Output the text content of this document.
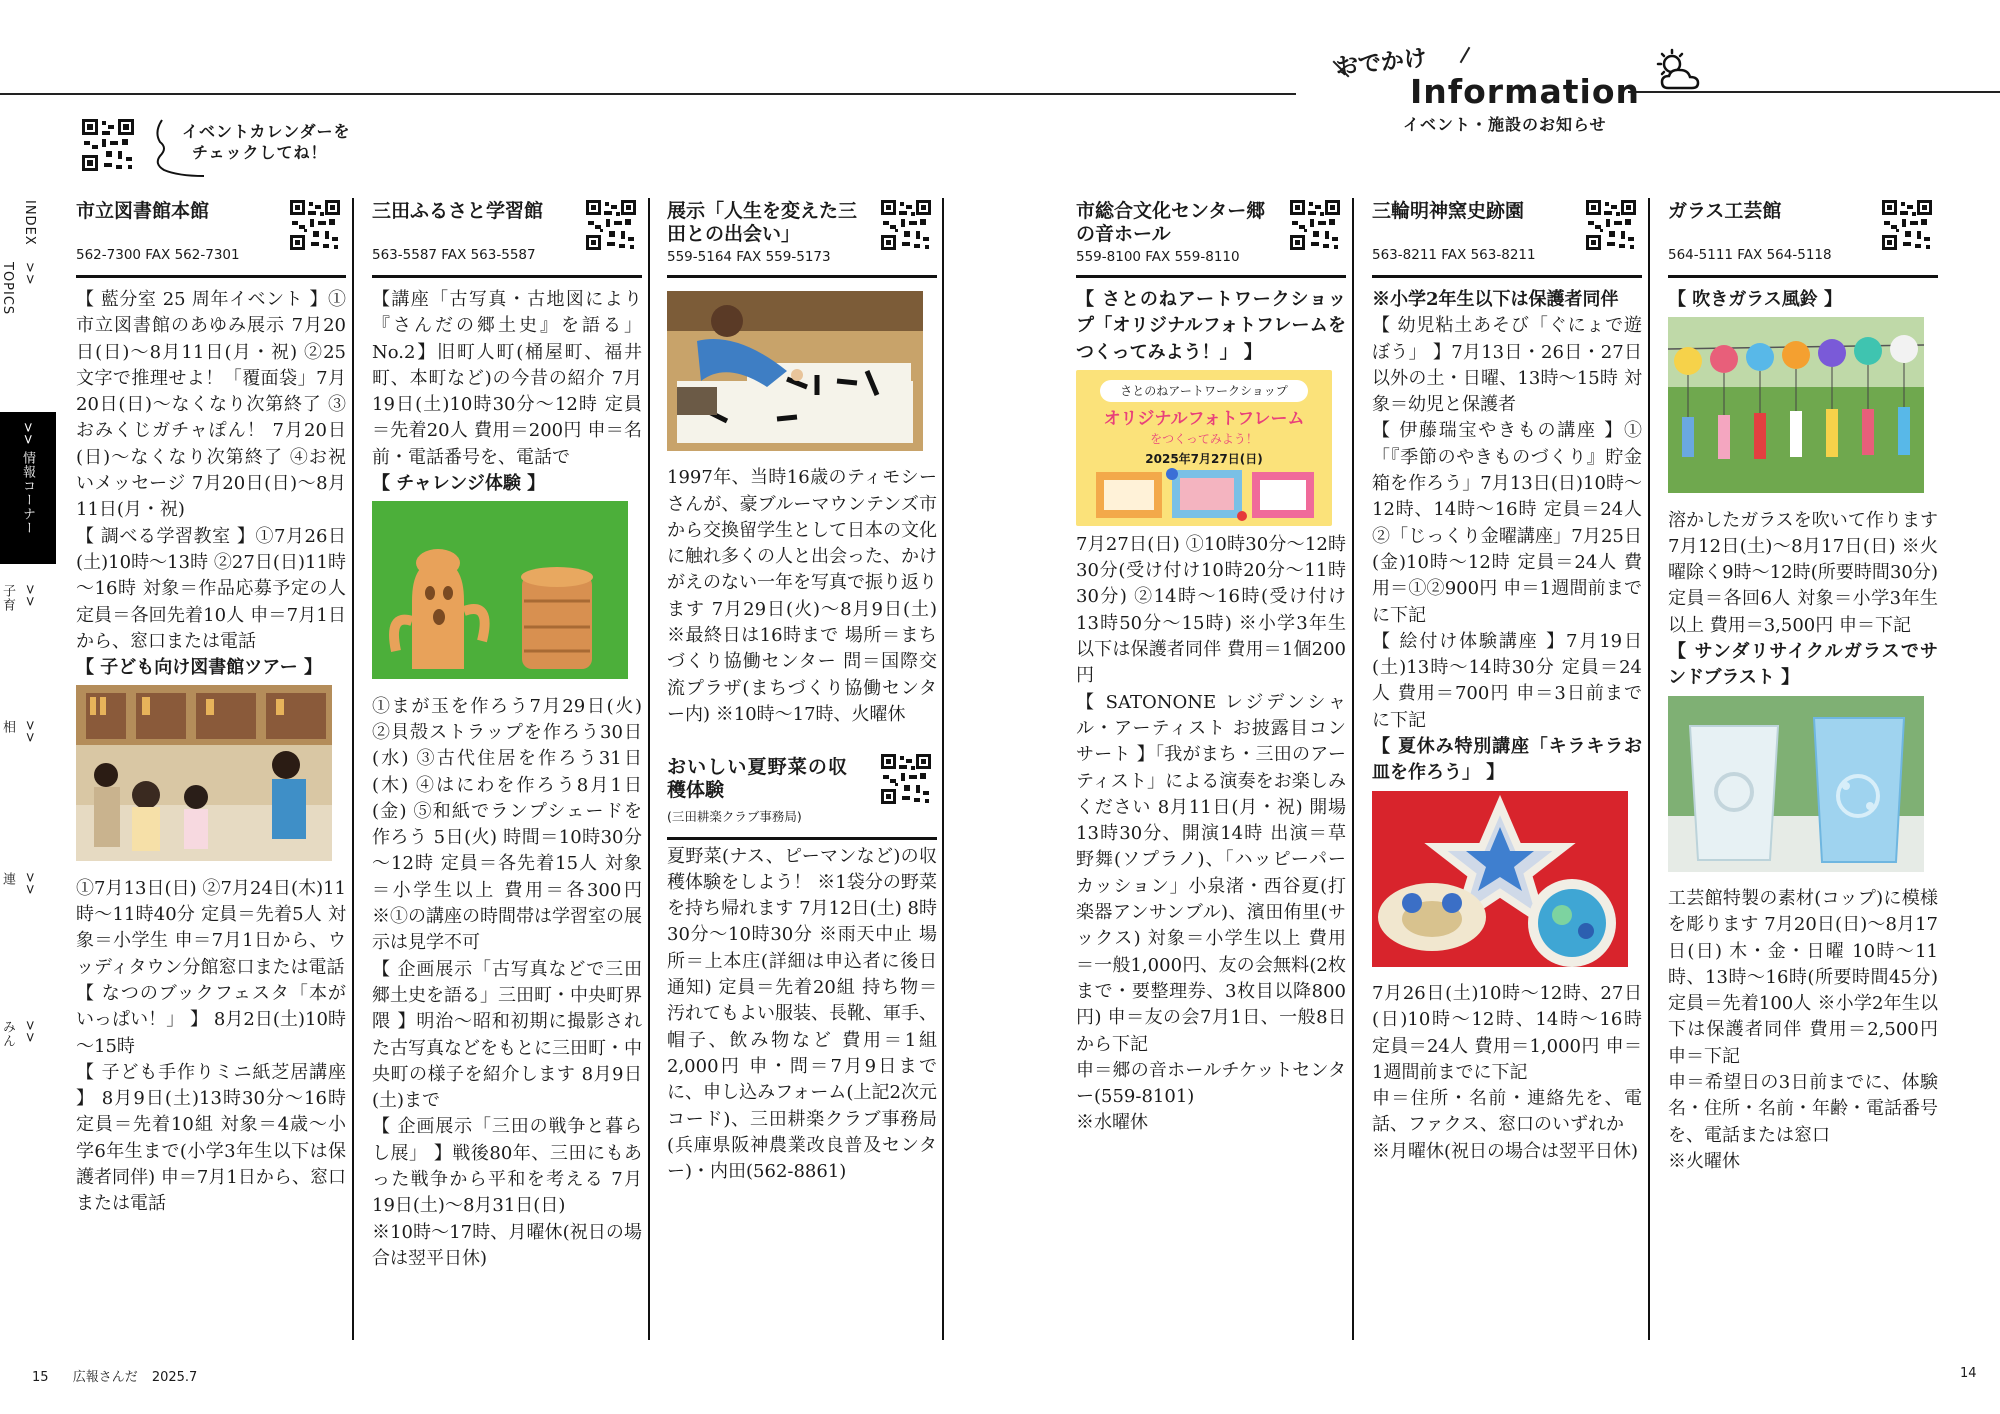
おでかけ
Information
イベント・施設のお知らせ
イベントカレンダーを
チェックしてね！
INDEX
>> TOPICS
>> 情報コーナー
>> 子育
>> 相
>> 連
>> みん
市立図書館本館
562-7300 FAX 562-7301
【 藍分室 25 周年イベント 】①市立図書館のあゆみ展示 7月20日(日)～8月11日(月・祝) ②25文字で推理せよ！「覆面袋」7月20日(日)～なくなり次第終了 ③おみくじガチャぽん！ 7月20日(日)～なくなり次第終了 ④お祝いメッセージ 7月20日(日)～8月11日(月・祝)
【 調べる学習教室 】①7月26日(土)10時～13時 ②27日(日)11時～16時 対象＝作品応募予定の人 定員＝各回先着10人 申＝7月1日から、窓口または電話
【 子ども向け図書館ツアー 】
①7月13日(日) ②7月24日(木)11時～11時40分 定員＝先着5人 対象＝小学生 申＝7月1日から、ウッディタウン分館窓口または電話
【 なつのブックフェスタ「本がいっぱい！」 】 8月2日(土)10時～15時
【 子ども手作りミニ紙芝居講座 】 8月9日(土)13時30分～16時 定員＝先着10組 対象＝4歳～小学6年生まで(小学3年生以下は保護者同伴) 申＝7月1日から、窓口または電話
三田ふるさと学習館
563-5587 FAX 563-5587
【講座「古写真・古地図により『さんだの郷土史』を語る」No.2】旧町人町(桶屋町、福井町、本町など)の今昔の紹介 7月19日(土)10時30分～12時 定員＝先着20人 費用＝200円 申＝名前・電話番号を、電話で
【 チャレンジ体験 】
①まが玉を作ろう7月29日(火) ②貝殻ストラップを作ろう30日(水) ③古代住居を作ろう31日(木) ④はにわを作ろう8月1日(金) ⑤和紙でランプシェードを作ろう 5日(火) 時間＝10時30分～12時 定員＝各先着15人 対象＝小学生以上 費用＝各300円 ※①の講座の時間帯は学習室の展示は見学不可
【 企画展示「古写真などで三田郷土史を語る」三田町・中央町界隈 】明治～昭和初期に撮影された古写真などをもとに三田町・中央町の様子を紹介します 8月9日(土)まで
【 企画展示「三田の戦争と暮らし展」 】戦後80年、三田にもあった戦争から平和を考える 7月19日(土)～8月31日(日)
※10時～17時、月曜休(祝日の場合は翌平日休)
展示「人生を変えた三田との出会い」
559-5164 FAX 559-5173
1997年、当時16歳のティモシーさんが、豪ブルーマウンテンズ市から交換留学生として日本の文化に触れ多くの人と出会った、かけがえのない一年を写真で振り返ります 7月29日(火)～8月9日(土) ※最終日は16時まで 場所＝まちづくり協働センター 問＝国際交流プラザ(まちづくり協働センター内) ※10時～17時、火曜休
おいしい夏野菜の収穫体験
(三田耕楽クラブ事務局)
夏野菜(ナス、ピーマンなど)の収穫体験をしよう！ ※1袋分の野菜を持ち帰れます 7月12日(土) 8時30分～10時30分 ※雨天中止 場所＝上本庄(詳細は申込者に後日通知) 定員＝先着20組 持ち物＝汚れてもよい服装、長靴、軍手、帽子、飲み物など 費用＝1組2,000円 申・問＝7月9日までに、申し込みフォーム(上記2次元コード)、三田耕楽クラブ事務局(兵庫県阪神農業改良普及センター)・内田(562-8861)
市総合文化センター郷の音ホール
559-8100 FAX 559-8110
【 さとのねアートワークショップ「オリジナルフォトフレームをつくってみよう！」 】
さとのねアートワークショップ
オリジナルフォトフレーム
をつくってみよう！
2025年7月27日(日)
7月27日(日) ①10時30分～12時30分(受け付け10時20分～11時30分) ②14時～16時(受け付け13時50分～15時) ※小学3年生以下は保護者同伴 費用＝1個200円
【 SATONONE レジデンシャル・アーティスト お披露目コンサート 】「我がまち・三田のアーティスト」による演奏をお楽しみください 8月11日(月・祝) 開場13時30分、開演14時 出演＝草野舞(ソプラノ)、「ハッピーパーカッション」小泉渚・西谷夏(打楽器アンサンブル)、濱田侑里(サックス) 対象＝小学生以上 費用＝一般1,000円、友の会無料(2枚まで・要整理券、3枚目以降800円) 申＝友の会7月1日、一般8日から下記
申＝郷の音ホールチケットセンター(559-8101)
※水曜休
三輪明神窯史跡園
563-8211 FAX 563-8211
※小学2年生以下は保護者同伴
【 幼児粘土あそび「ぐにょで遊ぼう」 】7月13日・26日・27日以外の土・日曜、13時～15時 対象＝幼児と保護者
【 伊藤瑞宝やきもの講座 】①「『季節のやきものづくり』貯金箱を作ろう」7月13日(日)10時～12時、14時～16時 定員＝24人 ②「じっくり金曜講座」7月25日(金)10時～12時 定員＝24人 費用＝①②900円 申＝1週間前までに下記
【 絵付け体験講座 】7月19日(土)13時～14時30分 定員＝24人 費用＝700円 申＝3日前までに下記
【 夏休み特別講座「キラキラお皿を作ろう」 】
7月26日(土)10時～12時、27日(日)10時～12時、14時～16時 定員＝24人 費用＝1,000円 申＝1週間前までに下記
申＝住所・名前・連絡先を、電話、ファクス、窓口のいずれか
※月曜休(祝日の場合は翌平日休)
ガラス工芸館
564-5111 FAX 564-5118
【 吹きガラス風鈴 】
溶かしたガラスを吹いて作ります 7月12日(土)～8月17日(日) ※火曜除く9時～12時(所要時間30分) 定員＝各回6人 対象＝小学3年生以上 費用＝3,500円 申＝下記
【 サンダリサイクルガラスでサンドブラスト 】
工芸館特製の素材(コップ)に模様を彫ります 7月20日(日)～8月17日(日) 木・金・日曜 10時～11時、13時～16時(所要時間45分) 定員＝先着100人 ※小学2年生以下は保護者同伴 費用＝2,500円 申＝下記
申＝希望日の3日前までに、体験名・住所・名前・年齢・電話番号を、電話または窓口
※火曜休
15 広報さんだ 2025.7	14
